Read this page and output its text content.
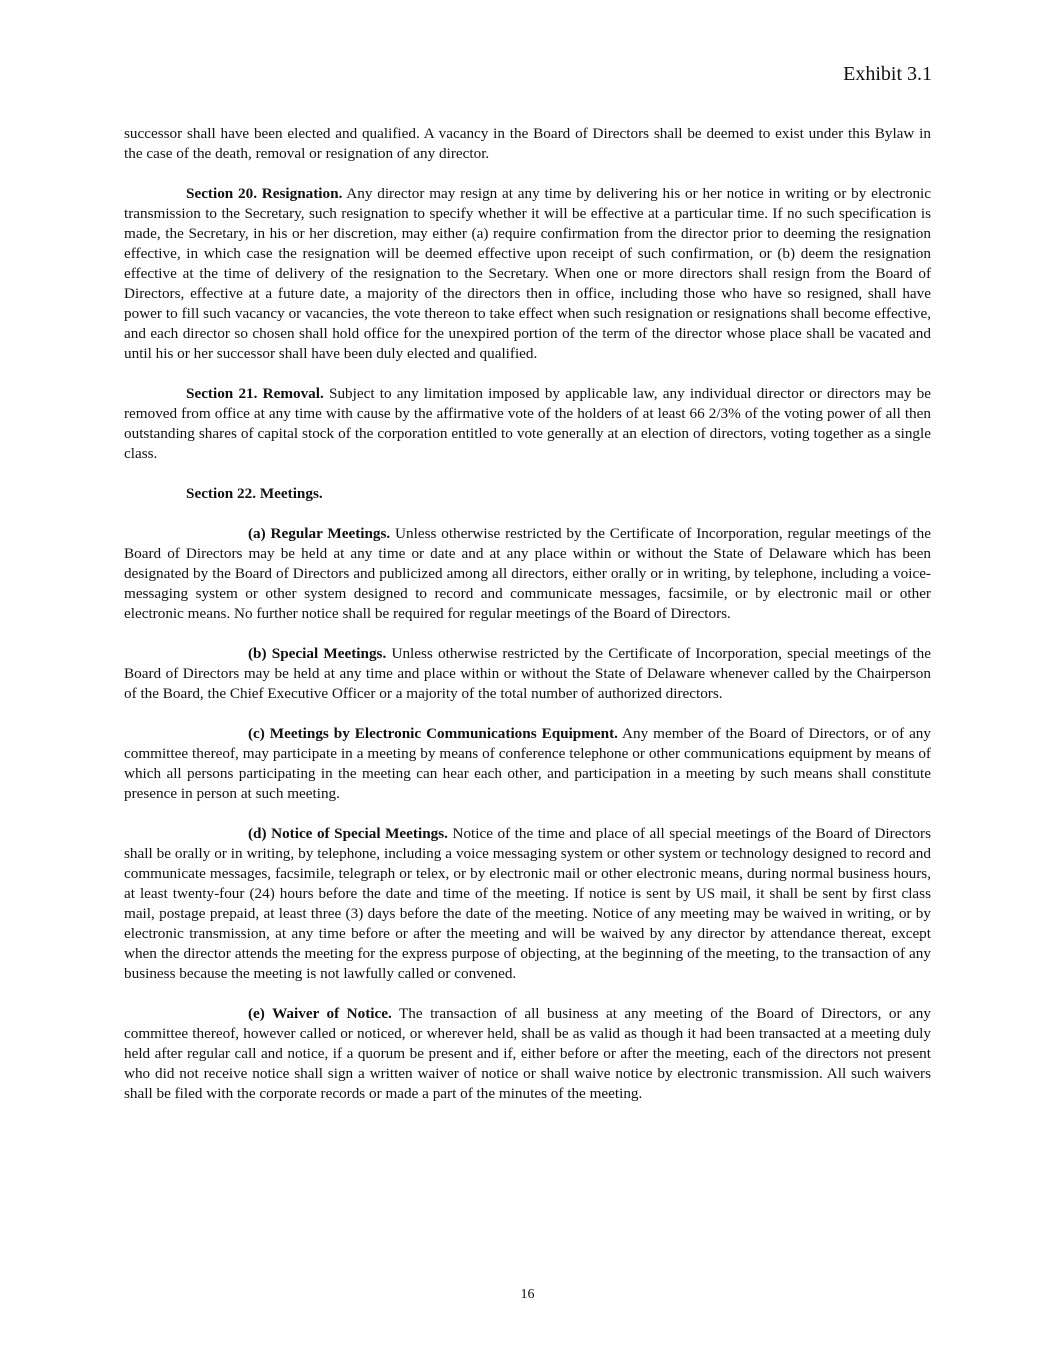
Exhibit 3.1

successor shall have been elected and qualified. A vacancy in the Board of Directors shall be deemed to exist under this Bylaw in the case of the death, removal or resignation of any director.

Section 20. Resignation. Any director may resign at any time by delivering his or her notice in writing or by electronic transmission to the Secretary, such resignation to specify whether it will be effective at a particular time. If no such specification is made, the Secretary, in his or her discretion, may either (a) require confirmation from the director prior to deeming the resignation effective, in which case the resignation will be deemed effective upon receipt of such confirmation, or (b) deem the resignation effective at the time of delivery of the resignation to the Secretary. When one or more directors shall resign from the Board of Directors, effective at a future date, a majority of the directors then in office, including those who have so resigned, shall have power to fill such vacancy or vacancies, the vote thereon to take effect when such resignation or resignations shall become effective, and each director so chosen shall hold office for the unexpired portion of the term of the director whose place shall be vacated and until his or her successor shall have been duly elected and qualified.

Section 21. Removal. Subject to any limitation imposed by applicable law, any individual director or directors may be removed from office at any time with cause by the affirmative vote of the holders of at least 66 2/3% of the voting power of all then outstanding shares of capital stock of the corporation entitled to vote generally at an election of directors, voting together as a single class.

Section 22. Meetings.

(a) Regular Meetings. Unless otherwise restricted by the Certificate of Incorporation, regular meetings of the Board of Directors may be held at any time or date and at any place within or without the State of Delaware which has been designated by the Board of Directors and publicized among all directors, either orally or in writing, by telephone, including a voice-messaging system or other system designed to record and communicate messages, facsimile, or by electronic mail or other electronic means. No further notice shall be required for regular meetings of the Board of Directors.

(b) Special Meetings. Unless otherwise restricted by the Certificate of Incorporation, special meetings of the Board of Directors may be held at any time and place within or without the State of Delaware whenever called by the Chairperson of the Board, the Chief Executive Officer or a majority of the total number of authorized directors.

(c) Meetings by Electronic Communications Equipment. Any member of the Board of Directors, or of any committee thereof, may participate in a meeting by means of conference telephone or other communications equipment by means of which all persons participating in the meeting can hear each other, and participation in a meeting by such means shall constitute presence in person at such meeting.

(d) Notice of Special Meetings. Notice of the time and place of all special meetings of the Board of Directors shall be orally or in writing, by telephone, including a voice messaging system or other system or technology designed to record and communicate messages, facsimile, telegraph or telex, or by electronic mail or other electronic means, during normal business hours, at least twenty-four (24) hours before the date and time of the meeting. If notice is sent by US mail, it shall be sent by first class mail, postage prepaid, at least three (3) days before the date of the meeting. Notice of any meeting may be waived in writing, or by electronic transmission, at any time before or after the meeting and will be waived by any director by attendance thereat, except when the director attends the meeting for the express purpose of objecting, at the beginning of the meeting, to the transaction of any business because the meeting is not lawfully called or convened.

(e) Waiver of Notice. The transaction of all business at any meeting of the Board of Directors, or any committee thereof, however called or noticed, or wherever held, shall be as valid as though it had been transacted at a meeting duly held after regular call and notice, if a quorum be present and if, either before or after the meeting, each of the directors not present who did not receive notice shall sign a written waiver of notice or shall waive notice by electronic transmission. All such waivers shall be filed with the corporate records or made a part of the minutes of the meeting.

16
